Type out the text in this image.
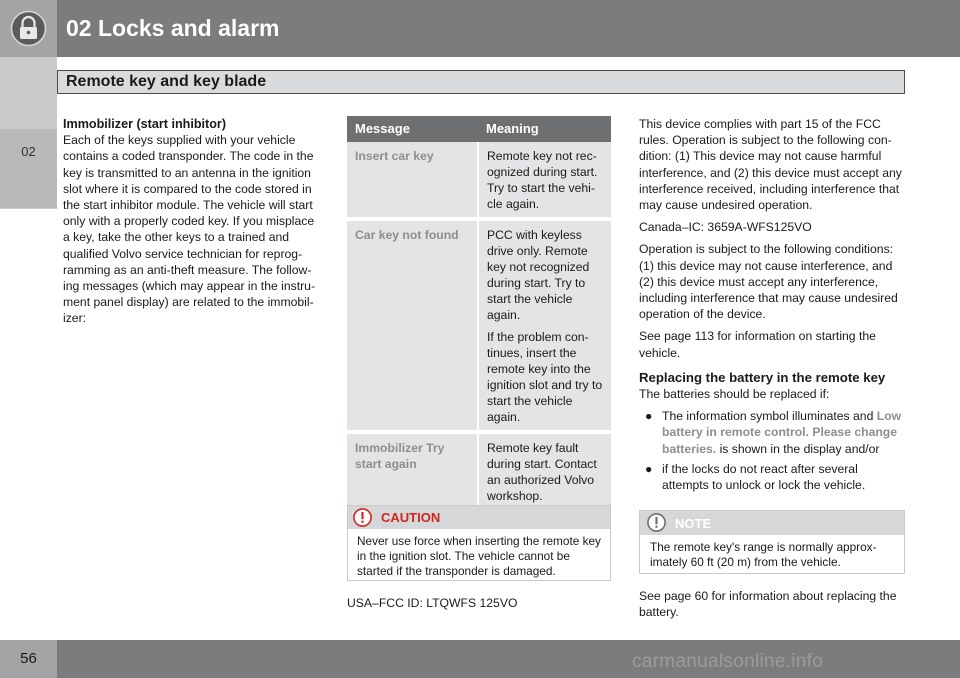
02 Locks and alarm
02
Remote key and key blade
Immobilizer (start inhibitor)
Each of the keys supplied with your vehicle contains a coded transponder. The code in the key is transmitted to an antenna in the ignition slot where it is compared to the code stored in the start inhibitor module. The vehicle will start only with a properly coded key. If you misplace a key, take the other keys to a trained and qualified Volvo service technician for reprogramming as an anti-theft measure. The following messages (which may appear in the instrument panel display) are related to the immobilizer:
Message	Meaning
Insert car key	Remote key not recognized during start. Try to start the vehicle again.

Car key not found	PCC with keyless drive only. Remote key not recognized during start. Try to start the vehicle again.

If the problem continues, insert the remote key into the ignition slot and try to start the vehicle again.

Immobilizer Try start again	Remote key fault during start. Contact an authorized Volvo workshop.

CAUTION
Never use force when inserting the remote key in the ignition slot. The vehicle cannot be started if the transponder is damaged.
USA–FCC ID: LTQWFS 125VO

This device complies with part 15 of the FCC rules. Operation is subject to the following condition: (1) This device may not cause harmful interference, and (2) this device must accept any interference received, including interference that may cause undesired operation.

Canada–IC: 3659A-WFS125VO

Operation is subject to the following conditions: (1) this device may not cause interference, and (2) this device must accept any interference, including interference that may cause undesired operation of the device.

See page 113 for information on starting the vehicle.

Replacing the battery in the remote key

The batteries should be replaced if:
● The information symbol illuminates and Low battery in remote control. Please change batteries. is shown in the display and/or
● if the locks do not react after several attempts to unlock or lock the vehicle.
NOTE
The remote key's range is normally approximately 60 ft (20 m) from the vehicle.
See page 60 for information about replacing the battery.
56	carmanualsonline.info
